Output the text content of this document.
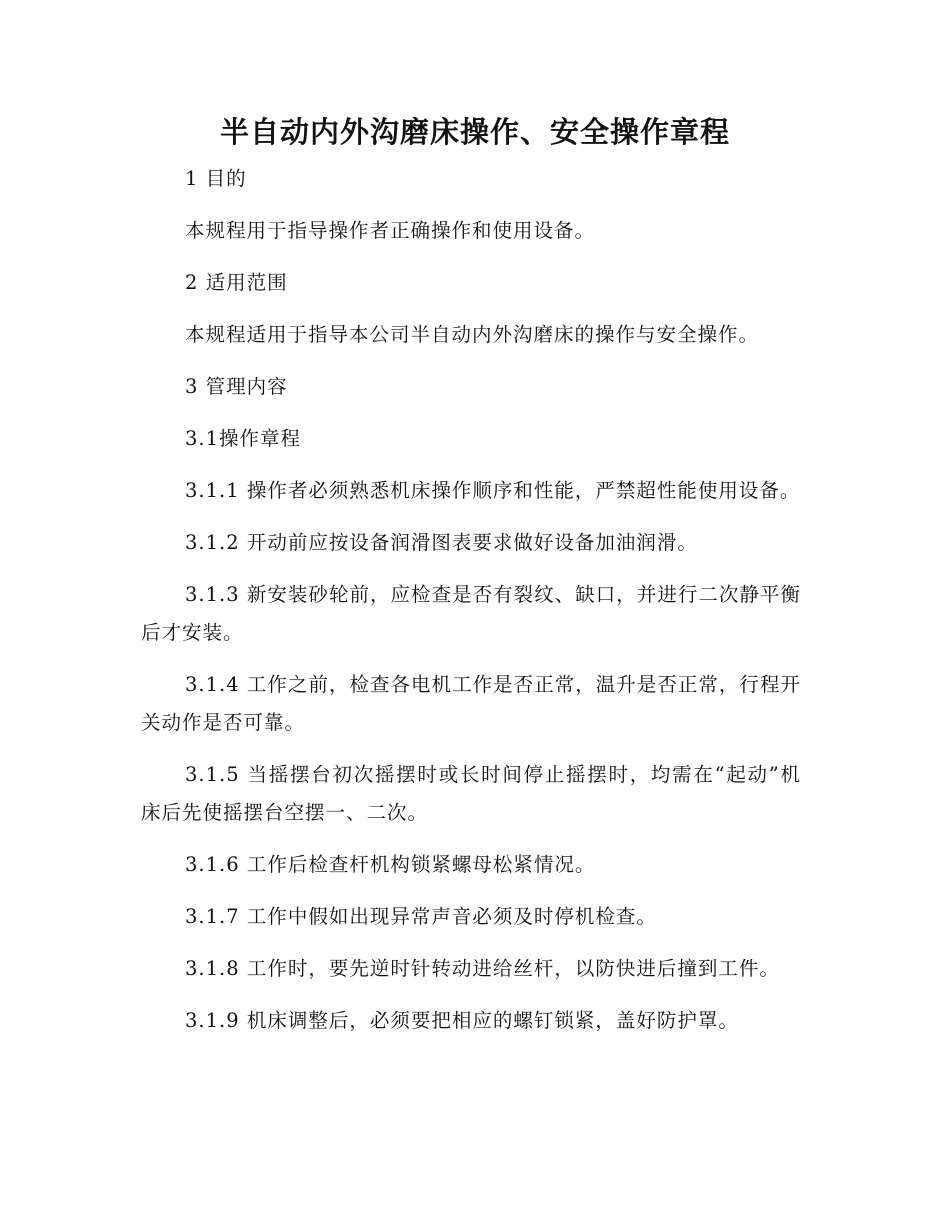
半自动内外沟磨床操作、安全操作章程

1 目的

本规程用于指导操作者正确操作和使用设备。

2 适用范围

本规程适用于指导本公司半自动内外沟磨床的操作与安全操作。

3 管理内容

3.1操作章程

3.1.1 操作者必须熟悉机床操作顺序和性能，严禁超性能使用设备。

3.1.2 开动前应按设备润滑图表要求做好设备加油润滑。

3.1.3 新安装砂轮前，应检查是否有裂纹、缺口，并进行二次静平衡后才安装。

3.1.4 工作之前，检查各电机工作是否正常，温升是否正常，行程开关动作是否可靠。

3.1.5 当摇摆台初次摇摆时或长时间停止摇摆时，均需在“起动”机床后先使摇摆台空摆一、二次。

3.1.6 工作后检查杆机构锁紧螺母松紧情况。

3.1.7 工作中假如出现异常声音必须及时停机检查。

3.1.8 工作时，要先逆时针转动进给丝杆，以防快进后撞到工件。

3.1.9 机床调整后，必须要把相应的螺钉锁紧，盖好防护罩。
